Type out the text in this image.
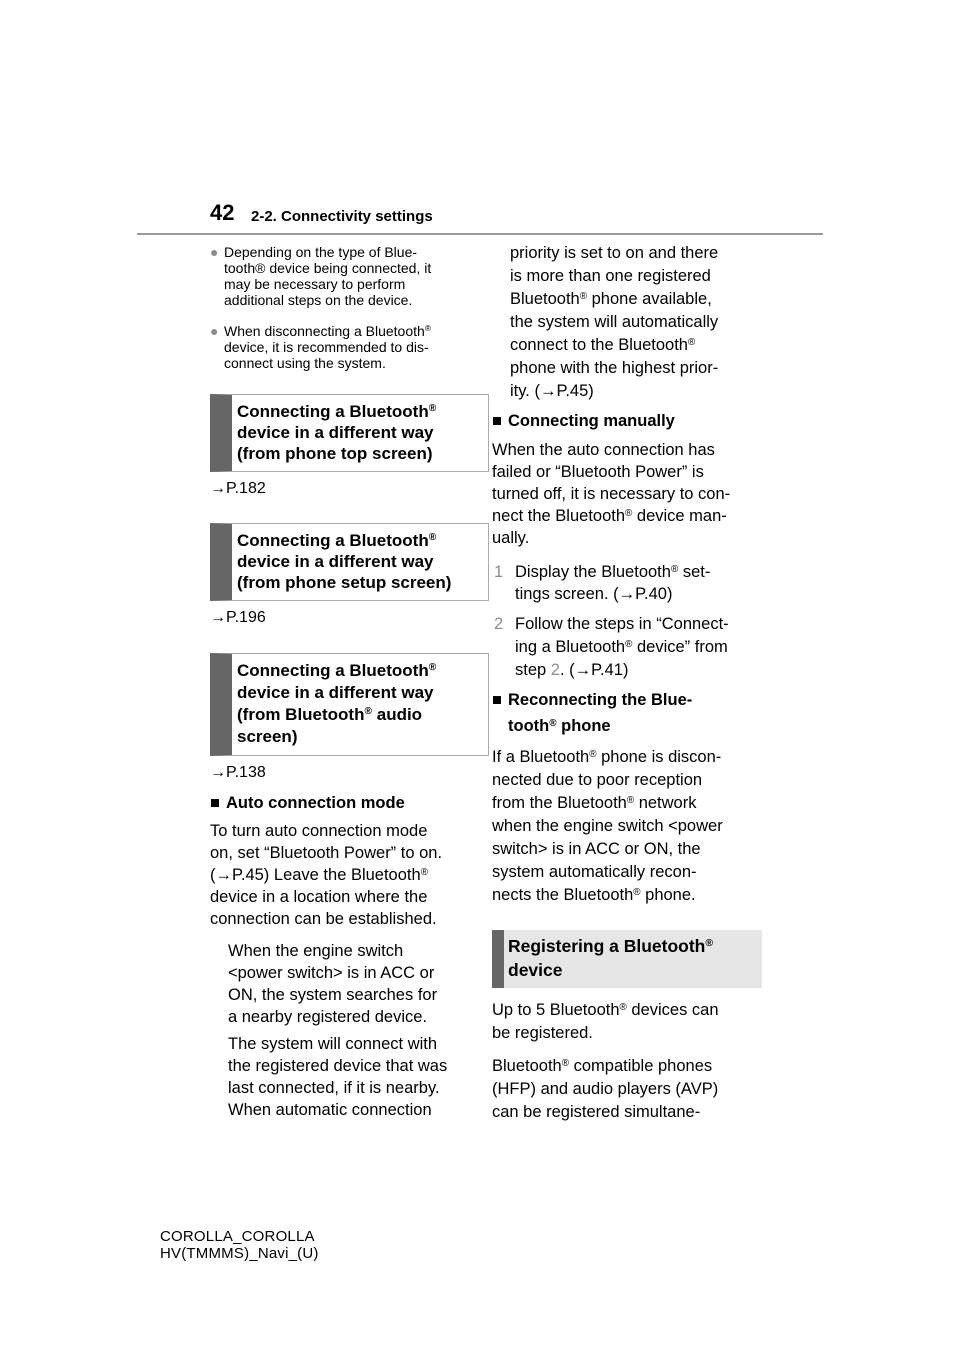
42 2-2. Connectivity settings
● Depending on the type of Blue-
tooth® device being connected, it
may be necessary to perform
additional steps on the device.
● When disconnecting a Bluetooth®
device, it is recommended to dis-
connect using the system.
Connecting a Bluetooth®
device in a different way
(from phone top screen)
→P.182
Connecting a Bluetooth®
device in a different way
(from phone setup screen)
→P.196
Connecting a Bluetooth®
device in a different way
(from Bluetooth® audio
screen)
→P.138
■ Auto connection mode
To turn auto connection mode
on, set “Bluetooth Power” to on.
(→P.45) Leave the Bluetooth®
device in a location where the
connection can be established.
When the engine switch
<power switch> is in ACC or
ON, the system searches for
a nearby registered device.
The system will connect with
the registered device that was
last connected, if it is nearby.
When automatic connection
priority is set to on and there
is more than one registered
Bluetooth® phone available,
the system will automatically
connect to the Bluetooth®
phone with the highest prior-
ity. (→P.45)
■ Connecting manually
When the auto connection has
failed or “Bluetooth Power” is
turned off, it is necessary to con-
nect the Bluetooth® device man-
ually.
1 Display the Bluetooth® set-
tings screen. (→P.40)
2 Follow the steps in “Connect-
ing a Bluetooth® device” from
step 2. (→P.41)
■ Reconnecting the Blue-
tooth® phone
If a Bluetooth® phone is discon-
nected due to poor reception
from the Bluetooth® network
when the engine switch <power
switch> is in ACC or ON, the
system automatically recon-
nects the Bluetooth® phone.
Registering a Bluetooth®
device
Up to 5 Bluetooth® devices can
be registered.

Bluetooth® compatible phones
(HFP) and audio players (AVP)
can be registered simultane-
COROLLA_COROLLA
HV(TMMMS)_Navi_(U)
